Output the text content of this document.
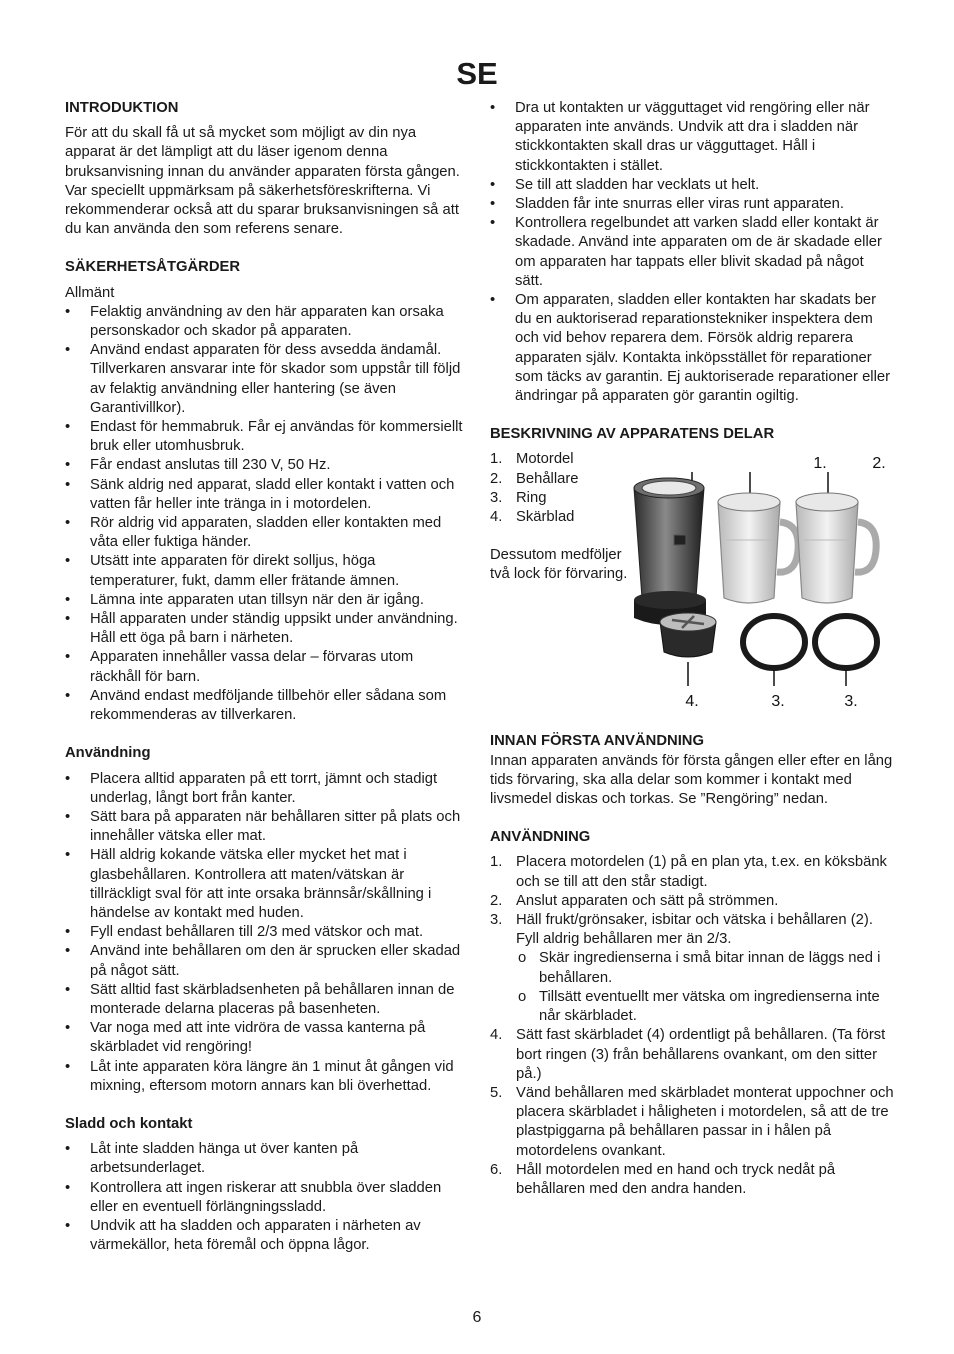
SE

INTRODUKTION

För att du skall få ut så mycket som möjligt av din nya apparat är det lämpligt att du läser igenom denna bruksanvisning innan du använder apparaten första gången. Var speciellt uppmärksam på säkerhetsföreskrifterna. Vi rekommenderar också att du sparar bruksanvisningen så att du kan använda den som referens senare.

SÄKERHETSÅTGÄRDER

Allmänt

• Felaktig användning av den här apparaten kan orsaka personskador och skador på apparaten.
• Använd endast apparaten för dess avsedda ändamål. Tillverkaren ansvarar inte för skador som uppstår till följd av felaktig användning eller hantering (se även Garantivillkor).
• Endast för hemmabruk. Får ej användas för kommersiellt bruk eller utomhusbruk.
• Får endast anslutas till 230 V, 50 Hz.
• Sänk aldrig ned apparat, sladd eller kontakt i vatten och vatten får heller inte tränga in i motordelen.
• Rör aldrig vid apparaten, sladden eller kontakten med våta eller fuktiga händer.
• Utsätt inte apparaten för direkt solljus, höga temperaturer, fukt, damm eller frätande ämnen.
• Lämna inte apparaten utan tillsyn när den är igång.
• Håll apparaten under ständig uppsikt under användning. Håll ett öga på barn i närheten.
• Apparaten innehåller vassa delar – förvaras utom räckhåll för barn.
• Använd endast medföljande tillbehör eller sådana som rekommenderas av tillverkaren.

Användning

• Placera alltid apparaten på ett torrt, jämnt och stadigt underlag, långt bort från kanter.
• Sätt bara på apparaten när behållaren sitter på plats och innehåller vätska eller mat.
• Häll aldrig kokande vätska eller mycket het mat i glasbehållaren. Kontrollera att maten/vätskan är tillräckligt sval för att inte orsaka brännsår/skållning i händelse av kontakt med huden.
• Fyll endast behållaren till 2/3 med vätskor och mat.
• Använd inte behållaren om den är sprucken eller skadad på något sätt.
• Sätt alltid fast skärbladsenheten på behållaren innan de monterade delarna placeras på basenheten.
• Var noga med att inte vidröra de vassa kanterna på skärbladet vid rengöring!
• Låt inte apparaten köra längre än 1 minut åt gången vid mixning, eftersom motorn annars kan bli överhettad.

Sladd och kontakt

• Låt inte sladden hänga ut över kanten på arbetsunderlaget.
• Kontrollera att ingen riskerar att snubbla över sladden eller en eventuell förlängningssladd.
• Undvik att ha sladden och apparaten i närheten av värmekällor, heta föremål och öppna lågor.
• Dra ut kontakten ur vägguttaget vid rengöring eller när apparaten inte används. Undvik att dra i sladden när stickkontakten skall dras ur vägguttaget. Håll i stickkontakten i stället.
• Se till att sladden har vecklats ut helt.
• Sladden får inte snurras eller viras runt apparaten.
• Kontrollera regelbundet att varken sladd eller kontakt är skadade. Använd inte apparaten om de är skadade eller om apparaten har tappats eller blivit skadad på något sätt.
• Om apparaten, sladden eller kontakten har skadats ber du en auktoriserad reparationstekniker inspektera dem och vid behov reparera dem. Försök aldrig reparera apparaten själv. Kontakta inköpsstället för reparationer som täcks av garantin. Ej auktoriserade reparationer eller ändringar på apparaten gör garantin ogiltig.

BESKRIVNING AV APPARATENS DELAR

1. Motordel
2. Behållare
3. Ring
4. Skärblad

Dessutom medföljer två lock för förvaring.

1.	2.
4.	3.	3.

INNAN FÖRSTA ANVÄNDNING

Innan apparaten används för första gången eller efter en lång tids förvaring, ska alla delar som kommer i kontakt med livsmedel diskas och torkas. Se ”Rengöring” nedan.

ANVÄNDNING

1. Placera motordelen (1) på en plan yta, t.ex. en köksbänk och se till att den står stadigt.
2. Anslut apparaten och sätt på strömmen.
3. Häll frukt/grönsaker, isbitar och vätska i behållaren (2). Fyll aldrig behållaren mer än 2/3.
o Skär ingredienserna i små bitar innan de läggs ned i behållaren.
o Tillsätt eventuellt mer vätska om ingredienserna inte når skärbladet.
4. Sätt fast skärbladet (4) ordentligt på behållaren. (Ta först bort ringen (3) från behållarens ovankant, om den sitter på.)
5. Vänd behållaren med skärbladet monterat uppochner och placera skärbladet i håligheten i motordelen, så att de tre plastpiggarna på behållaren passar in i hålen på motordelens ovankant.
6. Håll motordelen med en hand och tryck nedåt på behållaren med den andra handen.
6
